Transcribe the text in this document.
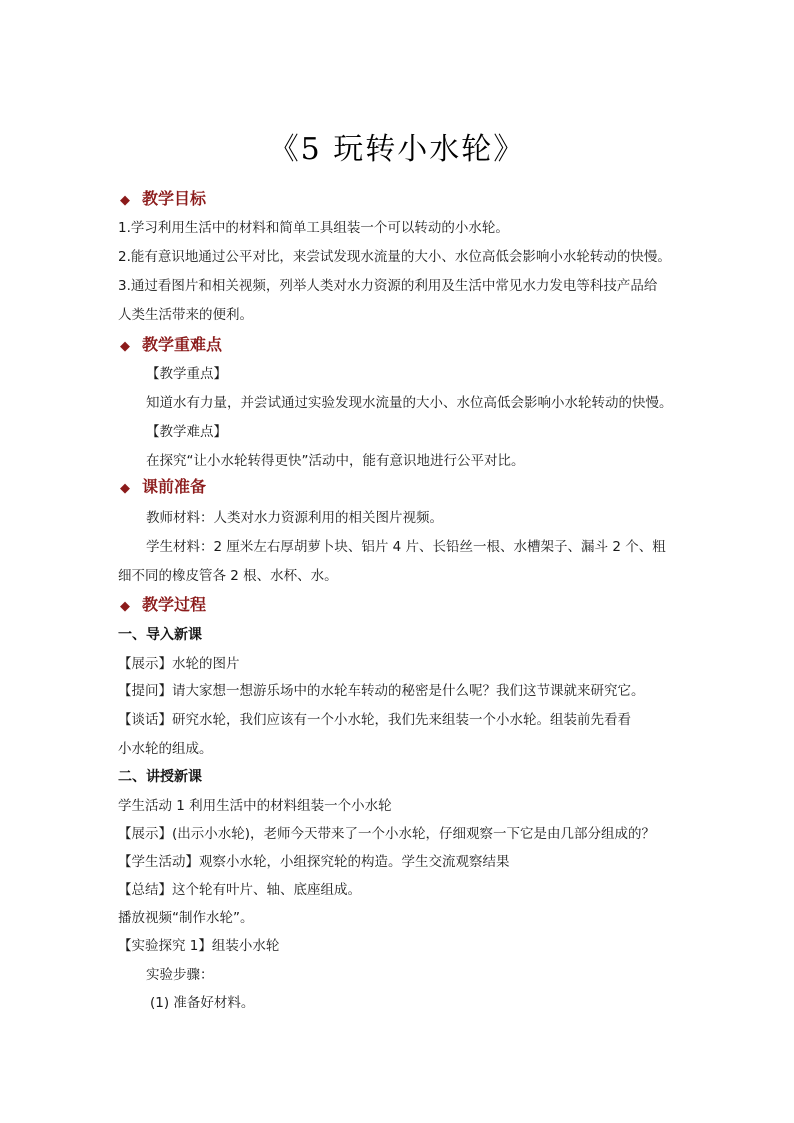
《5 玩转小水轮》
◆ 教学目标
1.学习利用生活中的材料和简单工具组装一个可以转动的小水轮。
2.能有意识地通过公平对比，来尝试发现水流量的大小、水位高低会影响小水轮转动的快慢。
3.通过看图片和相关视频，列举人类对水力资源的利用及生活中常见水力发电等科技产品给
人类生活带来的便利。
◆ 教学重难点
【教学重点】
知道水有力量，并尝试通过实验发现水流量的大小、水位高低会影响小水轮转动的快慢。
【教学难点】
在探究“让小水轮转得更快”活动中，能有意识地进行公平对比。
◆ 课前准备
教师材料：人类对水力资源利用的相关图片视频。
学生材料：2 厘米左右厚胡萝卜块、铝片 4 片、长铅丝一根、水槽架子、漏斗 2 个、粗
细不同的橡皮管各 2 根、水杯、水。
◆ 教学过程
一、导入新课
【展示】水轮的图片
【提问】请大家想一想游乐场中的水轮车转动的秘密是什么呢？我们这节课就来研究它。
【谈话】研究水轮，我们应该有一个小水轮，我们先来组装一个小水轮。组装前先看看
小水轮的组成。
二、讲授新课
学生活动 1 利用生活中的材料组装一个小水轮
【展示】(出示小水轮)，老师今天带来了一个小水轮，仔细观察一下它是由几部分组成的？
【学生活动】观察小水轮，小组探究轮的构造。学生交流观察结果
【总结】这个轮有叶片、轴、底座组成。
播放视频“制作水轮”。
【实验探究 1】组装小水轮
实验步骤：
(1) 准备好材料。
